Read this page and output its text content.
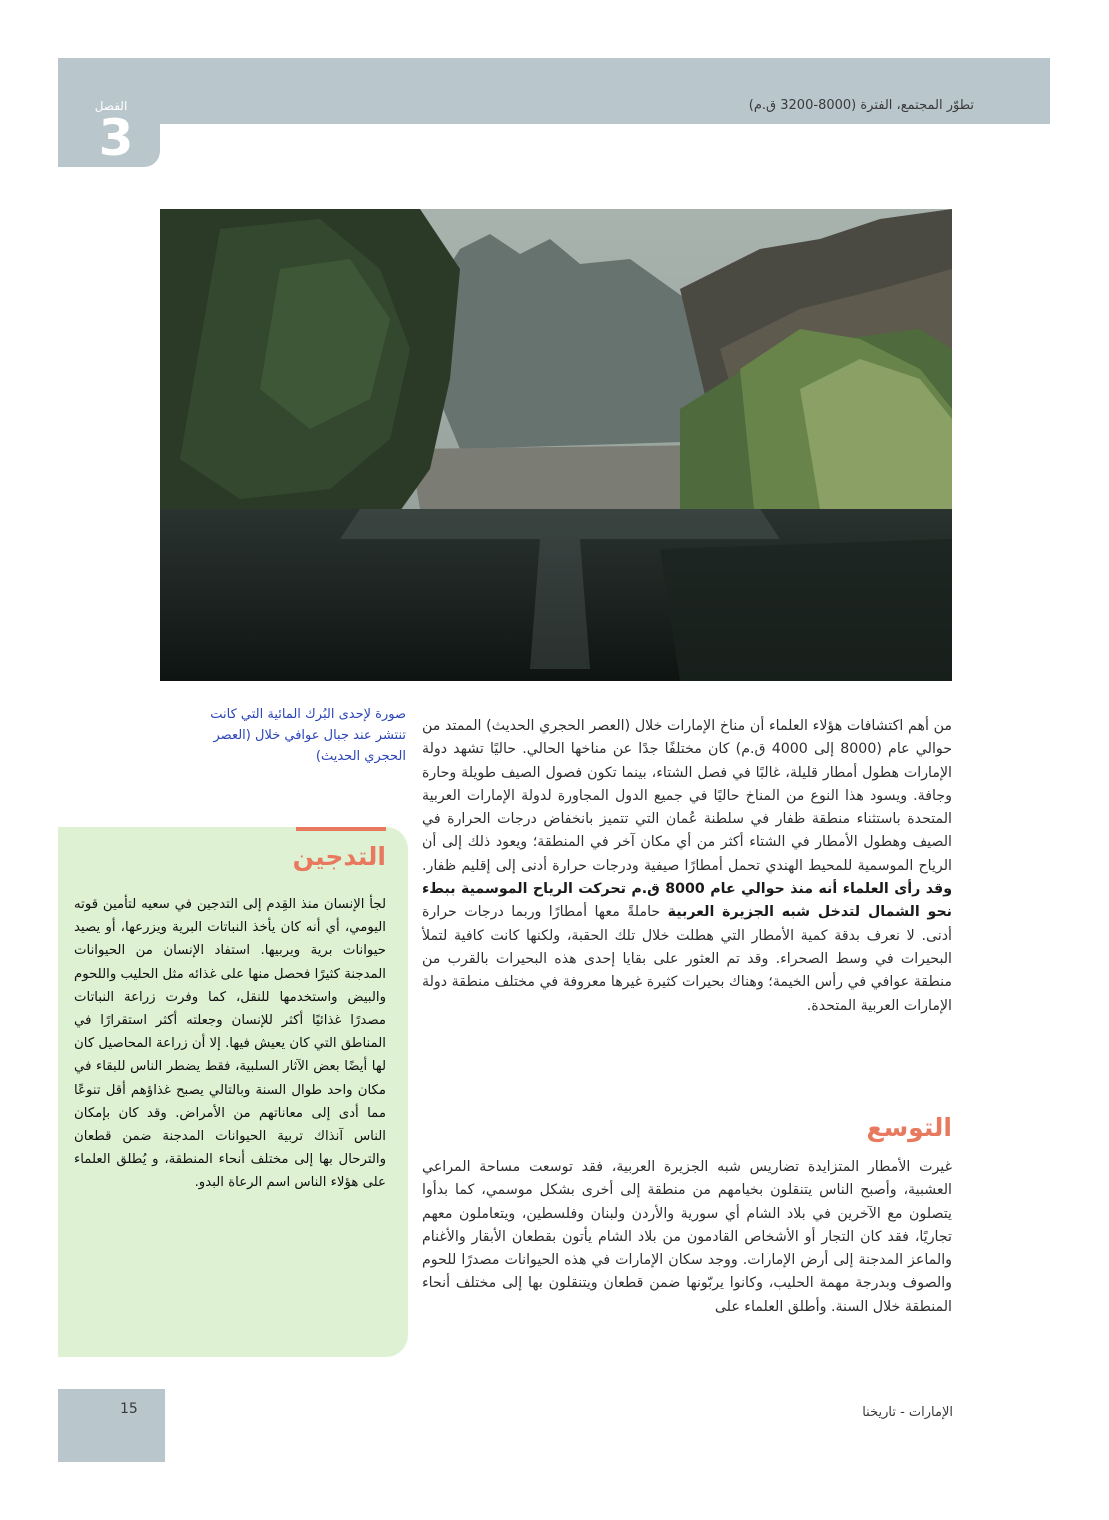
الفصل
3
تطوّر المجتمع، الفترة (8000-3200 ق.م)
صورة لإحدى البُرك المائية التي كانت تنتشر عند جبال عوافي خلال (العصر الحجري الحديث)

من أهم اكتشافات هؤلاء العلماء أن مناخ الإمارات خلال (العصر الحجري الحديث) الممتد من حوالي عام (8000 إلى 4000 ق.م) كان مختلفًا جدًا عن مناخها الحالي. حاليًا تشهد دولة الإمارات هطول أمطار قليلة، غالبًا في فصل الشتاء، بينما تكون فصول الصيف طويلة وحارة وجافة. ويسود هذا النوع من المناخ حاليًا في جميع الدول المجاورة لدولة الإمارات العربية المتحدة باستثناء منطقة ظفار في سلطنة عُمان التي تتميز بانخفاض درجات الحرارة في الصيف وهطول الأمطار في الشتاء أكثر من أي مكان آخر في المنطقة؛ ويعود ذلك إلى أن الرياح الموسمية للمحيط الهندي تحمل أمطارًا صيفية ودرجات حرارة أدنى إلى إقليم ظفار. وقد رأى العلماء أنه منذ حوالي عام 8000 ق.م تحركت الرياح الموسمية ببطء نحو الشمال لتدخل شبه الجزيرة العربية حاملةً معها أمطارًا وربما درجات حرارة أدنى. لا نعرف بدقة كمية الأمطار التي هطلت خلال تلك الحقبة، ولكنها كانت كافية لتملأ البحيرات في وسط الصحراء. وقد تم العثور على بقايا إحدى هذه البحيرات بالقرب من منطقة عوافي في رأس الخيمة؛ وهناك بحيرات كثيرة غيرها معروفة في مختلف منطقة دولة الإمارات العربية المتحدة.

التوسع

غيرت الأمطار المتزايدة تضاريس شبه الجزيرة العربية، فقد توسعت مساحة المراعي العشبية، وأصبح الناس يتنقلون بخيامهم من منطقة إلى أخرى بشكل موسمي، كما بدأوا يتصلون مع الآخرين في بلاد الشام أي سورية والأردن ولبنان وفلسطين، ويتعاملون معهم تجاريًا، فقد كان التجار أو الأشخاص القادمون من بلاد الشام يأتون بقطعان الأبقار والأغنام والماعز المدجنة إلى أرض الإمارات. ووجد سكان الإمارات في هذه الحيوانات مصدرًا للحوم والصوف وبدرجة مهمة الحليب، وكانوا يربّونها ضمن قطعان ويتنقلون بها إلى مختلف أنحاء المنطقة خلال السنة. وأطلق العلماء على

التدجين

لجأ الإنسان منذ القِدم إلى التدجين في سعيه لتأمين قوته اليومي، أي أنه كان يأخذ النباتات البرية ويزرعها، أو يصيد حيوانات برية ويربيها. استفاد الإنسان من الحيوانات المدجنة كثيرًا فحصل منها على غذائه مثل الحليب واللحوم والبيض واستخدمها للنقل، كما وفرت زراعة النباتات مصدرًا غذائيًا أكثر للإنسان وجعلته أكثر استقرارًا في المناطق التي كان يعيش فيها. إلا أن زراعة المحاصيل كان لها أيضًا بعض الآثار السلبية، فقط يضطر الناس للبقاء في مكان واحد طوال السنة وبالتالي يصبح غذاؤهم أقل تنوعًا مما أدى إلى معاناتهم من الأمراض. وقد كان بإمكان الناس آنذاك تربية الحيوانات المدجنة ضمن قطعان والترحال بها إلى مختلف أنحاء المنطقة، و يُطلق العلماء على هؤلاء الناس اسم الرعاة البدو.

15	الإمارات - تاريخنا
